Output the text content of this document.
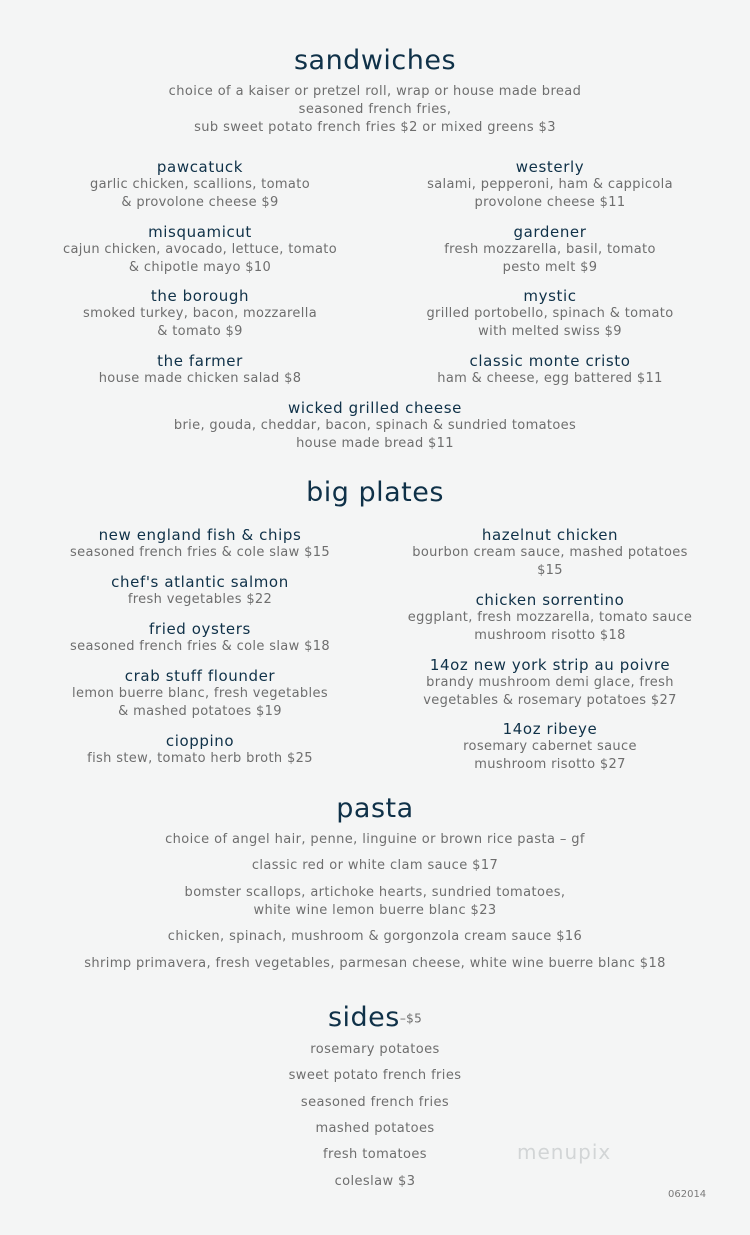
sandwiches
choice of a kaiser or pretzel roll, wrap or house made bread
seasoned french fries,
sub sweet potato french fries $2 or mixed greens $3
pawcatuck
garlic chicken, scallions, tomato
& provolone cheese $9
misquamicut
cajun chicken, avocado, lettuce, tomato
& chipotle mayo $10
the borough
smoked turkey, bacon, mozzarella
& tomato $9
the farmer
house made chicken salad $8
westerly
salami, pepperoni, ham & cappicola
provolone cheese $11
gardener
fresh mozzarella, basil, tomato
pesto melt $9
mystic
grilled portobello, spinach & tomato
with melted swiss $9
classic monte cristo
ham & cheese, egg battered $11
wicked grilled cheese
brie, gouda, cheddar, bacon, spinach & sundried tomatoes
house made bread $11
big plates
new england fish & chips
seasoned french fries & cole slaw $15
chef's atlantic salmon
fresh vegetables $22
fried oysters
seasoned french fries & cole slaw $18
crab stuff flounder
lemon buerre blanc, fresh vegetables
& mashed potatoes $19
cioppino
fish stew, tomato herb broth $25
hazelnut chicken
bourbon cream sauce, mashed potatoes
$15
chicken sorrentino
eggplant, fresh mozzarella, tomato sauce
mushroom risotto $18
14oz new york strip au poivre
brandy mushroom demi glace, fresh
vegetables & rosemary potatoes $27
14oz ribeye
rosemary cabernet sauce
mushroom risotto $27
pasta
choice of angel hair, penne, linguine or brown rice pasta – gf
classic red or white clam sauce $17
bomster scallops, artichoke hearts, sundried tomatoes,
white wine lemon buerre blanc $23
chicken, spinach, mushroom & gorgonzola cream sauce $16
shrimp primavera, fresh vegetables, parmesan cheese, white wine buerre blanc $18
sides–$5
rosemary potatoes
sweet potato french fries
seasoned french fries
mashed potatoes
fresh tomatoes
coleslaw $3
menupix
062014
